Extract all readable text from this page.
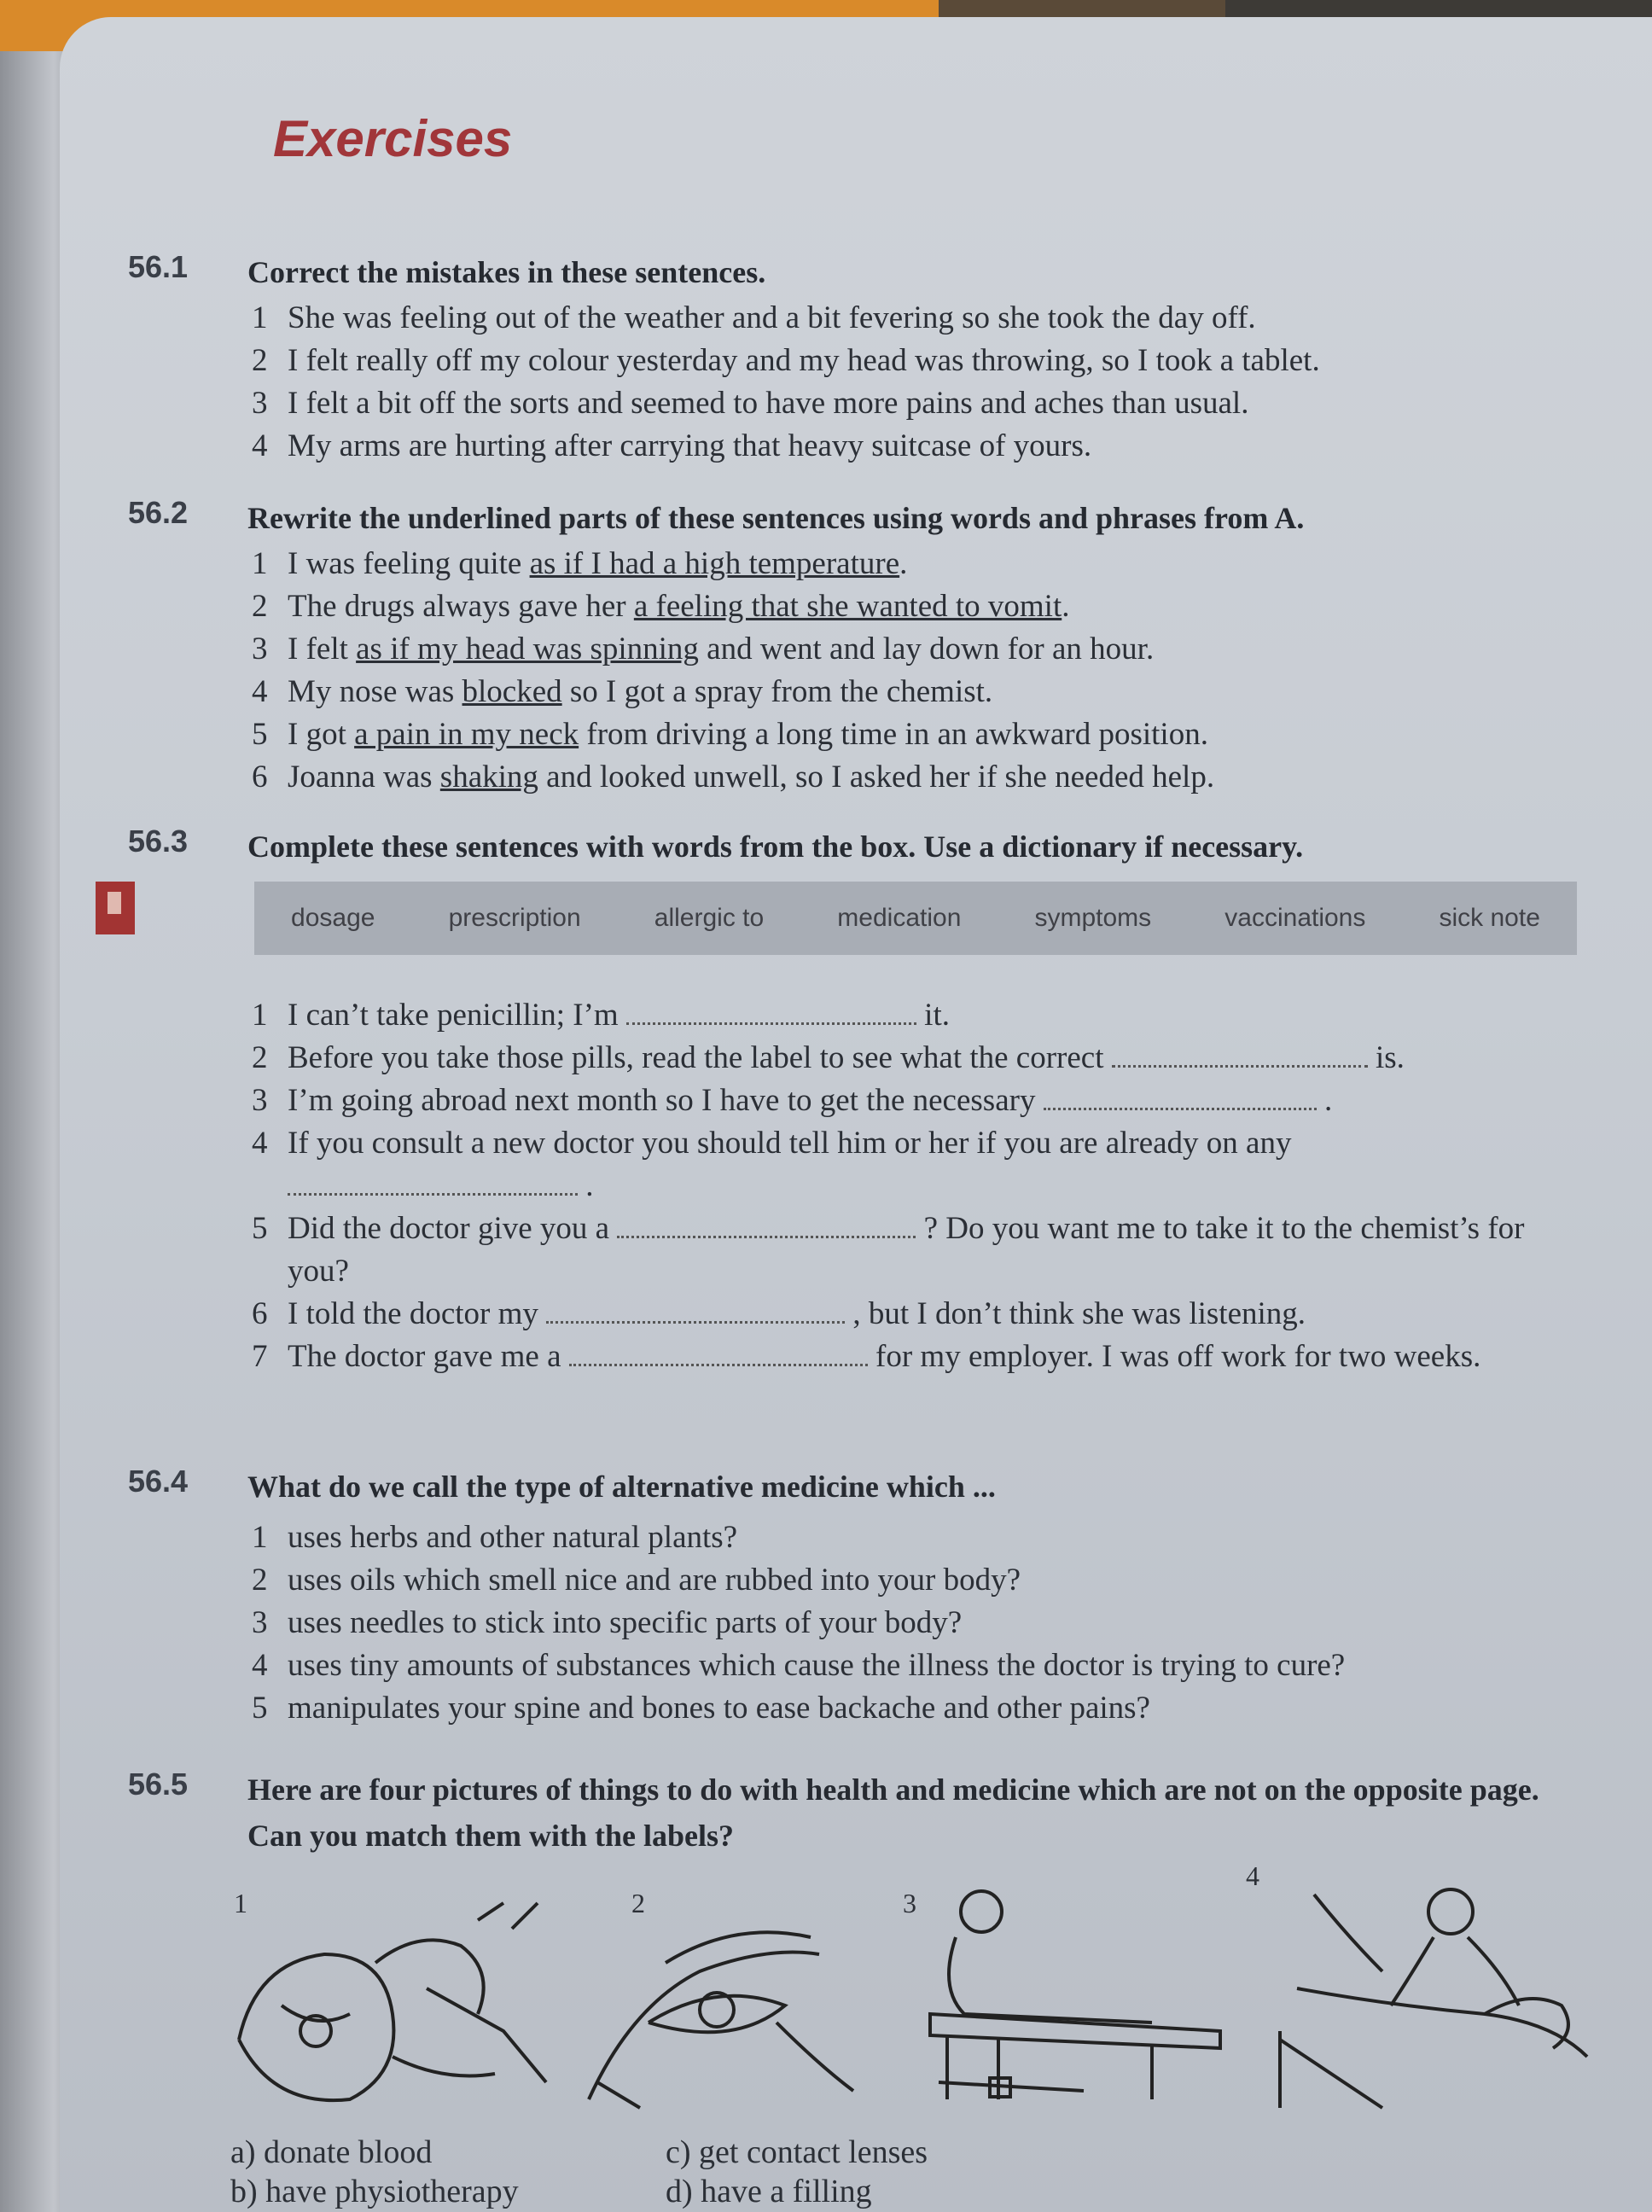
Exercises
56.1 Correct the mistakes in these sentences.
1 She was feeling out of the weather and a bit fevering so she took the day off.
2 I felt really off my colour yesterday and my head was throwing, so I took a tablet.
3 I felt a bit off the sorts and seemed to have more pains and aches than usual.
4 My arms are hurting after carrying that heavy suitcase of yours.
56.2 Rewrite the underlined parts of these sentences using words and phrases from A.
1 I was feeling quite as if I had a high temperature.
2 The drugs always gave her a feeling that she wanted to vomit.
3 I felt as if my head was spinning and went and lay down for an hour.
4 My nose was blocked so I got a spray from the chemist.
5 I got a pain in my neck from driving a long time in an awkward position.
6 Joanna was shaking and looked unwell, so I asked her if she needed help.
56.3 Complete these sentences with words from the box. Use a dictionary if necessary.
dosage	prescription	allergic to	medication	symptoms	vaccinations	sick note
1 I can’t take penicillin; I’m	it.
2 Before you take those pills, read the label to see what the correct	is.
3 I’m going abroad next month so I have to get the necessary	.
4 If you consult a new doctor you should tell him or her if you are already on any
.
5 Did the doctor give you a	? Do you want me to take it to the chemist’s for you?
6 I told the doctor my	, but I don’t think she was listening.
7 The doctor gave me a	for my employer. I was off work for two weeks.
56.4 What do we call the type of alternative medicine which ...
1 uses herbs and other natural plants?
2 uses oils which smell nice and are rubbed into your body?
3 uses needles to stick into specific parts of your body?
4 uses tiny amounts of substances which cause the illness the doctor is trying to cure?
5 manipulates your spine and bones to ease backache and other pains?
56.5 Here are four pictures of things to do with health and medicine which are not on the opposite page. Can you match them with the labels?
1	2	3
4
a) donate blood
b) have physiotherapy
c) get contact lenses
d) have a filling
